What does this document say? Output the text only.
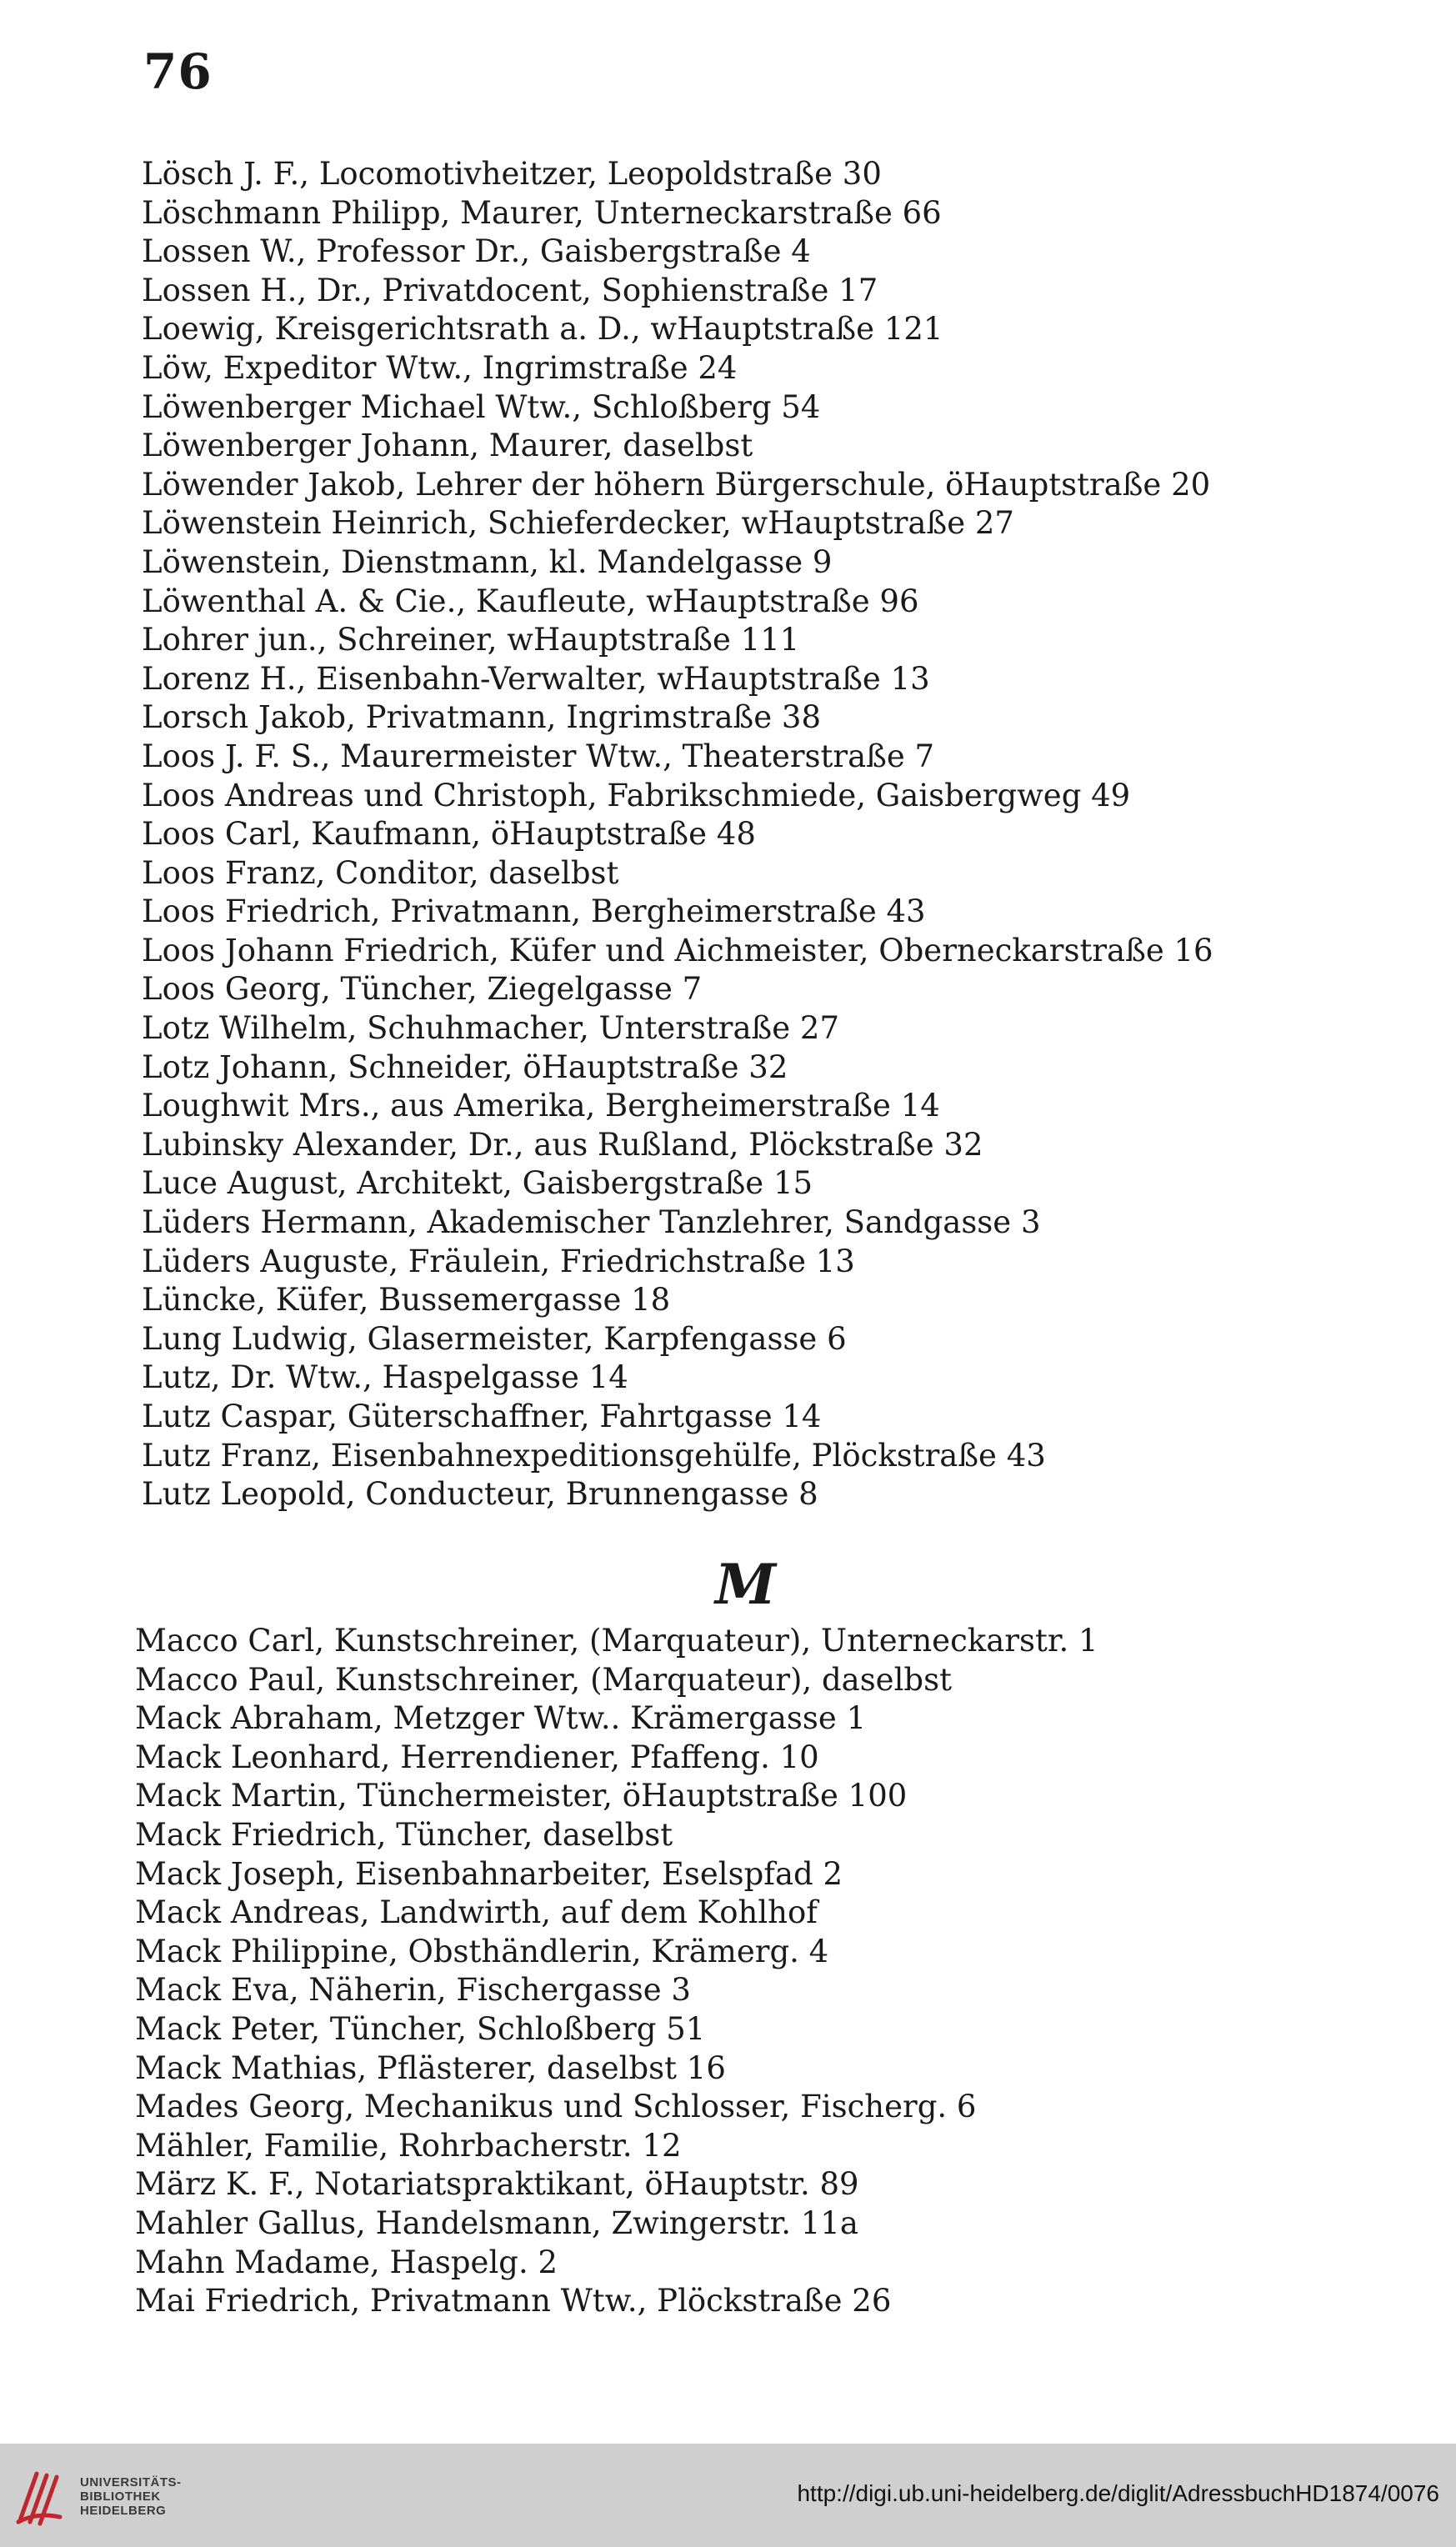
76
Lösch J. F., Locomotivheitzer, Leopoldstraße 30
Löschmann Philipp, Maurer, Unterneckarstraße 66
Lossen W., Professor Dr., Gaisbergstraße 4
Lossen H., Dr., Privatdocent, Sophienstraße 17
Loewig, Kreisgerichtsrath a. D., wHauptstraße 121
Löw, Expeditor Wtw., Ingrimstraße 24
Löwenberger Michael Wtw., Schloßberg 54
Löwenberger Johann, Maurer, daselbst
Löwender Jakob, Lehrer der höhern Bürgerschule, öHauptstraße 20
Löwenstein Heinrich, Schieferdecker, wHauptstraße 27
Löwenstein, Dienstmann, kl. Mandelgasse 9
Löwenthal A. & Cie., Kaufleute, wHauptstraße 96
Lohrer jun., Schreiner, wHauptstraße 111
Lorenz H., Eisenbahn-Verwalter, wHauptstraße 13
Lorsch Jakob, Privatmann, Ingrimstraße 38
Loos J. F. S., Maurermeister Wtw., Theaterstraße 7
Loos Andreas und Christoph, Fabrikschmiede, Gaisbergweg 49
Loos Carl, Kaufmann, öHauptstraße 48
Loos Franz, Conditor, daselbst
Loos Friedrich, Privatmann, Bergheimerstraße 43
Loos Johann Friedrich, Küfer und Aichmeister, Oberneckarstraße 16
Loos Georg, Tüncher, Ziegelgasse 7
Lotz Wilhelm, Schuhmacher, Unterstraße 27
Lotz Johann, Schneider, öHauptstraße 32
Loughwit Mrs., aus Amerika, Bergheimerstraße 14
Lubinsky Alexander, Dr., aus Rußland, Plöckstraße 32
Luce August, Architekt, Gaisbergstraße 15
Lüders Hermann, Akademischer Tanzlehrer, Sandgasse 3
Lüders Auguste, Fräulein, Friedrichstraße 13
Lüncke, Küfer, Bussemergasse 18
Lung Ludwig, Glasermeister, Karpfengasse 6
Lutz, Dr. Wtw., Haspelgasse 14
Lutz Caspar, Güterschaffner, Fahrtgasse 14
Lutz Franz, Eisenbahnexpeditionsgehülfe, Plöckstraße 43
Lutz Leopold, Conducteur, Brunnengasse 8
M
Macco Carl, Kunstschreiner, (Marquateur), Unterneckarstr. 1
Macco Paul, Kunstschreiner, (Marquateur), daselbst
Mack Abraham, Metzger Wtw.. Krämergasse 1
Mack Leonhard, Herrendiener, Pfaffeng. 10
Mack Martin, Tünchermeister, öHauptstraße 100
Mack Friedrich, Tüncher, daselbst
Mack Joseph, Eisenbahnarbeiter, Eselspfad 2
Mack Andreas, Landwirth, auf dem Kohlhof
Mack Philippine, Obsthändlerin, Krämerg. 4
Mack Eva, Näherin, Fischergasse 3
Mack Peter, Tüncher, Schloßberg 51
Mack Mathias, Pflästerer, daselbst 16
Mades Georg, Mechanikus und Schlosser, Fischerg. 6
Mähler, Familie, Rohrbacherstr. 12
März K. F., Notariatspraktikant, öHauptstr. 89
Mahler Gallus, Handelsmann, Zwingerstr. 11a
Mahn Madame, Haspelg. 2
Mai Friedrich, Privatmann Wtw., Plöckstraße 26
UNIVERSITÄTS-
BIBLIOTHEK
HEIDELBERG
http://digi.ub.uni-heidelberg.de/diglit/AdressbuchHD1874/0076
